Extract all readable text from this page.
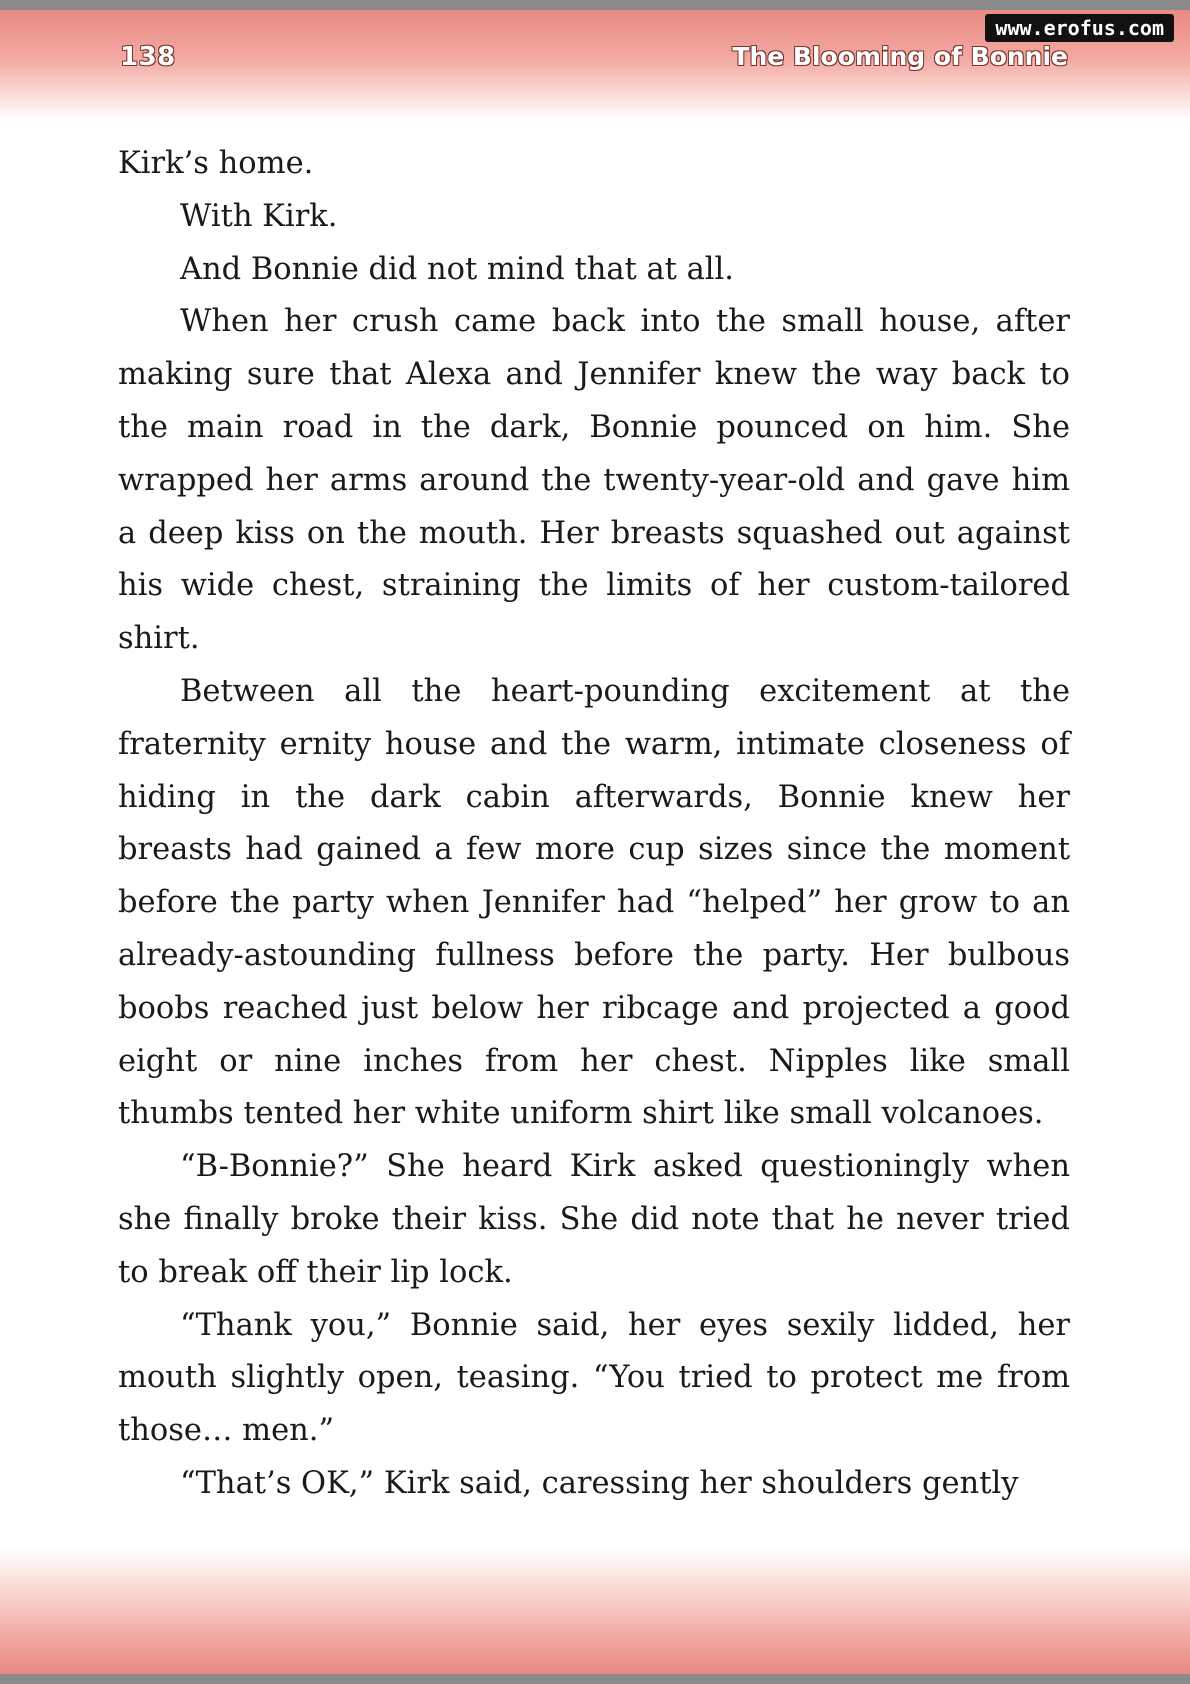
138	The Blooming of Bonnie
www.erofus.com

Kirk’s home.

With Kirk.

And Bonnie did not mind that at all.

When her crush came back into the small house, after making sure that Alexa and Jennifer knew the way back to the main road in the dark, Bonnie pounced on him. She wrapped her arms around the twenty-year-old and gave him a deep kiss on the mouth. Her breasts squashed out against his wide chest, straining the limits of her custom-tailored shirt.

Between all the heart-pounding excitement at the fraternity ernity house and the warm, intimate closeness of hiding in the dark cabin afterwards, Bonnie knew her breasts had gained a few more cup sizes since the moment before the party when Jennifer had “helped” her grow to an already-astounding fullness before the party. Her bulbous boobs reached just below her ribcage and projected a good eight or nine inches from her chest. Nipples like small thumbs tented her white uniform shirt like small volcanoes.

“B-Bonnie?” She heard Kirk asked questioningly when she finally broke their kiss. She did note that he never tried to break off their lip lock.

“Thank you,” Bonnie said, her eyes sexily lidded, her mouth slightly open, teasing. “You tried to protect me from those… men.”

“That’s OK,” Kirk said, caressing her shoulders gently
